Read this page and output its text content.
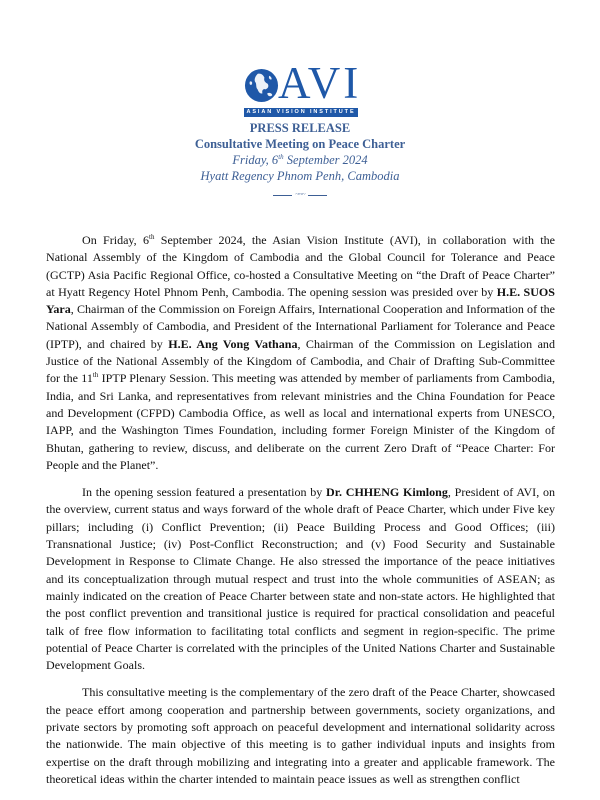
AVI
ASIAN VISION INSTITUTE
PRESS RELEASE
Consultative Meeting on Peace Charter
Friday, 6th September 2024
Hyatt Regency Phnom Penh, Cambodia
~◦~◦~

On Friday, 6th September 2024, the Asian Vision Institute (AVI), in collaboration with the National Assembly of the Kingdom of Cambodia and the Global Council for Tolerance and Peace (GCTP) Asia Pacific Regional Office, co-hosted a Consultative Meeting on “the Draft of Peace Charter” at Hyatt Regency Hotel Phnom Penh, Cambodia. The opening session was presided over by H.E. SUOS Yara, Chairman of the Commission on Foreign Affairs, International Cooperation and Information of the National Assembly of Cambodia, and President of the International Parliament for Tolerance and Peace (IPTP), and chaired by H.E. Ang Vong Vathana, Chairman of the Commission on Legislation and Justice of the National Assembly of the Kingdom of Cambodia, and Chair of Drafting Sub-Committee for the 11th IPTP Plenary Session. This meeting was attended by member of parliaments from Cambodia, India, and Sri Lanka, and representatives from relevant ministries and the China Foundation for Peace and Development (CFPD) Cambodia Office, as well as local and international experts from UNESCO, IAPP, and the Washington Times Foundation, including former Foreign Minister of the Kingdom of Bhutan, gathering to review, discuss, and deliberate on the current Zero Draft of “Peace Charter: For People and the Planet”.

In the opening session featured a presentation by Dr. CHHENG Kimlong, President of AVI, on the overview, current status and ways forward of the whole draft of Peace Charter, which under Five key pillars; including (i) Conflict Prevention; (ii) Peace Building Process and Good Offices; (iii) Transnational Justice; (iv) Post-Conflict Reconstruction; and (v) Food Security and Sustainable Development in Response to Climate Change. He also stressed the importance of the peace initiatives and its conceptualization through mutual respect and trust into the whole communities of ASEAN; as mainly indicated on the creation of Peace Charter between state and non-state actors. He highlighted that the post conflict prevention and transitional justice is required for practical consolidation and peaceful talk of free flow information to facilitating total conflicts and segment in region-specific. The prime potential of Peace Charter is correlated with the principles of the United Nations Charter and Sustainable Development Goals.

This consultative meeting is the complementary of the zero draft of the Peace Charter, showcased the peace effort among cooperation and partnership between governments, society organizations, and private sectors by promoting soft approach on peaceful development and international solidarity across the nationwide. The main objective of this meeting is to gather individual inputs and insights from expertise on the draft through mobilizing and integrating into a greater and applicable framework. The theoretical ideas within the charter intended to maintain peace issues as well as strengthen conflict
